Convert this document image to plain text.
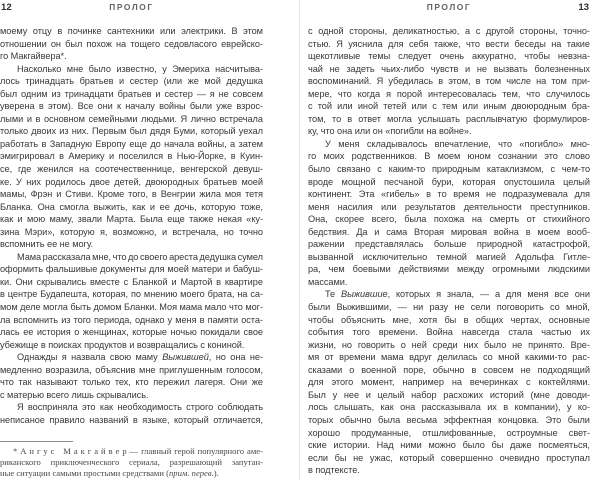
12	ПРОЛОГ
моему отцу в починке сантехники или электрики. В этом
отношении он был похож на тощего седовласого еврейско-
го Макгайвера*.
Насколько мне было известно, у Эмериха насчитыва-
лось тринадцать братьев и сестер (или же мой дедушка
был одним из тринадцати братьев и сестер — я не совсем
уверена в этом). Все они к началу войны были уже взрос-
лыми и в основном семейными людьми. Я лично встречала
только двоих из них. Первым был дядя Буми, который уехал
работать в Западную Европу еще до начала войны, а затем
эмигрировал в Америку и поселился в Нью-Йорке, в Куин-
се, где женился на соотечественнице, венгерской девуш-
ке. У них родилось двое детей, двоюродных братьев моей
мамы, Фрэн и Стиви. Кроме того, в Венгрии жила моя тетя
Бланка. Она смогла выжить, как и ее дочь, которую тоже,
как и мою маму, звали Марта. Была еще также некая «ку-
зина Мэри», которую я, возможно, и встречала, но точно
вспомнить ее не могу.
Мама рассказала мне, что до своего ареста дедушка сумел
оформить фальшивые документы для моей матери и бабуш-
ки. Они скрывались вместе с Бланкой и Мартой в квартире
в центре Будапешта, которая, по мнению моего брата, на са-
мом деле могла быть домом Бланки. Моя мама мало что мог-
ла вспомнить из того периода, однако у меня в памяти оста-
лась ее история о женщинах, которые ночью покидали свое
убежище в поисках продуктов и возвращались с кониной.
Однажды я назвала свою маму Выжившей, но она не-
медленно возразила, объяснив мне приглушенным голосом,
что так называют только тех, кто пережил лагеря. Они же
с матерью всего лишь скрывались.
Я восприняла это как необходимость строго соблюдать
неписаное правило названий в языке, который отличается,
* А н г у с М а к г а й в е р — главный герой популярного аме-
риканского приключенческого сериала, разрешающий запутан-
ные ситуации самыми простыми средствами (прим. перев.).
13
ПРОЛОГ
с одной стороны, деликатностью, а с другой стороны, точно-
стью. Я уяснила для себя также, что вести беседы на такие
щекотливые темы следует очень аккуратно, чтобы невзна-
чай не задеть чьих-либо чувств и не вызвать болезненных
воспоминаний. Я убедилась в этом, в том числе на том при-
мере, что когда я порой интересовалась тем, что случилось
с той или иной тетей или с тем или иным двоюродным бра-
том, то в ответ могла услышать расплывчатую формулиров-
ку, что она или он «погибли на войне».
У меня складывалось впечатление, что «погибло» мно-
го моих родственников. В моем юном сознании это слово
было связано с каким-то природным катаклизмом, с чем-то
вроде мощной песчаной бури, которая опустошила целый
континент. Эта «гибель» в то время не подразумевала для
меня насилия или результатов деятельности преступников.
Она, скорее всего, была похожа на смерть от стихийного
бедствия. Да и сама Вторая мировая война в моем вооб-
ражении представлялась больше природной катастрофой,
вызванной исключительно темной магией Адольфа Гитле-
ра, чем боевыми действиями между огромными людскими
массами.
Те Выжившие, которых я знала, — а для меня все они
были Выжившими, — ни разу не сели поговорить со мной,
чтобы объяснить мне, хотя бы в общих чертах, основные
события того времени. Война навсегда стала частью их
жизни, но говорить о ней среди них было не принято. Вре-
мя от времени мама вдруг делилась со мной какими-то рас-
сказами о военной поре, обычно в совсем не подходящий
для этого момент, например на вечеринках с коктейлями.
Был у нее и целый набор расхожих историй (мне доводи-
лось слышать, как она рассказывала их в компании), у ко-
торых обычно была весьма эффектная концовка. Это были
хорошо продуманные, отшлифованные, остроумные свет-
ские истории. Над ними можно было бы даже посмеяться,
если бы не ужас, который совершенно очевидно проступал
в подтексте.
